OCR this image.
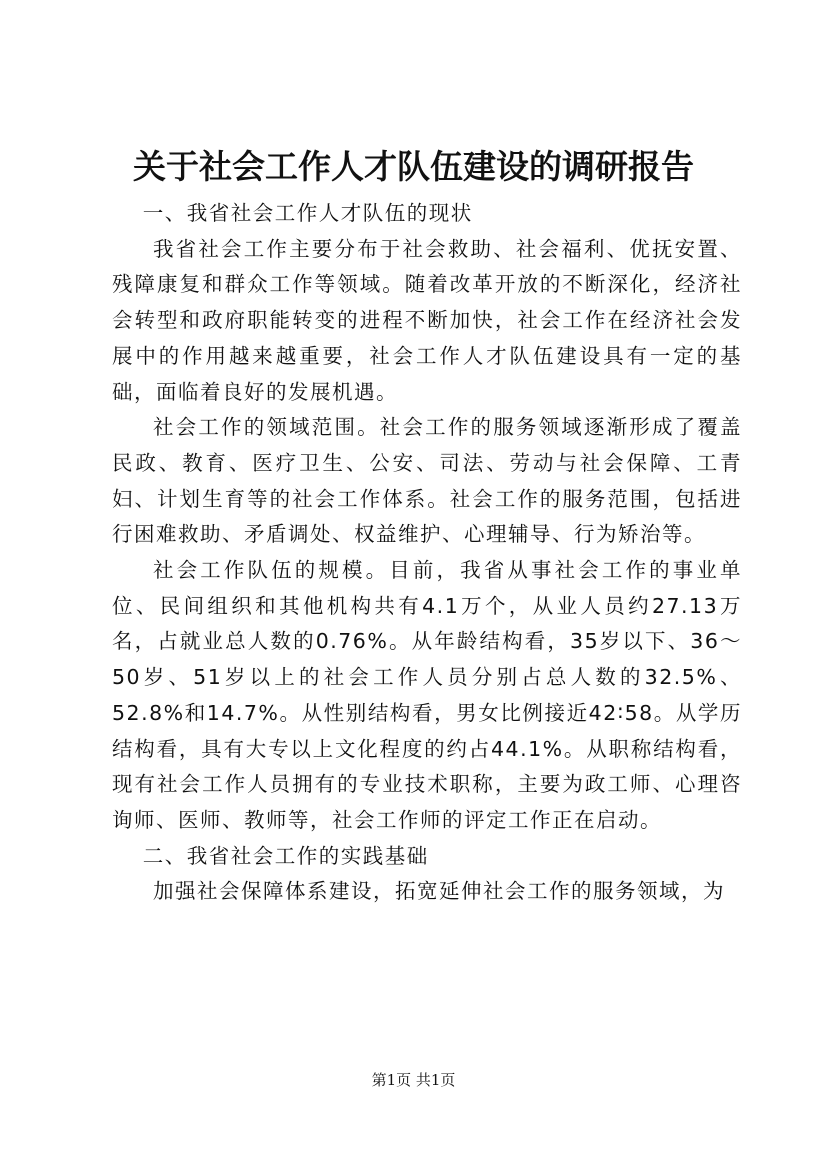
关于社会工作人才队伍建设的调研报告

一、我省社会工作人才队伍的现状

我省社会工作主要分布于社会救助、社会福利、优抚安置、残障康复和群众工作等领域。随着改革开放的不断深化，经济社会转型和政府职能转变的进程不断加快，社会工作在经济社会发展中的作用越来越重要，社会工作人才队伍建设具有一定的基础，面临着良好的发展机遇。

社会工作的领域范围。社会工作的服务领域逐渐形成了覆盖民政、教育、医疗卫生、公安、司法、劳动与社会保障、工青妇、计划生育等的社会工作体系。社会工作的服务范围，包括进行困难救助、矛盾调处、权益维护、心理辅导、行为矫治等。

社会工作队伍的规模。目前，我省从事社会工作的事业单位、民间组织和其他机构共有4.1万个，从业人员约27.13万名，占就业总人数的0.76%。从年龄结构看，35岁以下、36～50岁、51岁以上的社会工作人员分别占总人数的32.5%、52.8%和14.7%。从性别结构看，男女比例接近42∶58。从学历结构看，具有大专以上文化程度的约占44.1%。从职称结构看，现有社会工作人员拥有的专业技术职称，主要为政工师、心理咨询师、医师、教师等，社会工作师的评定工作正在启动。

二、我省社会工作的实践基础

加强社会保障体系建设，拓宽延伸社会工作的服务领域，为

第1页 共1页
